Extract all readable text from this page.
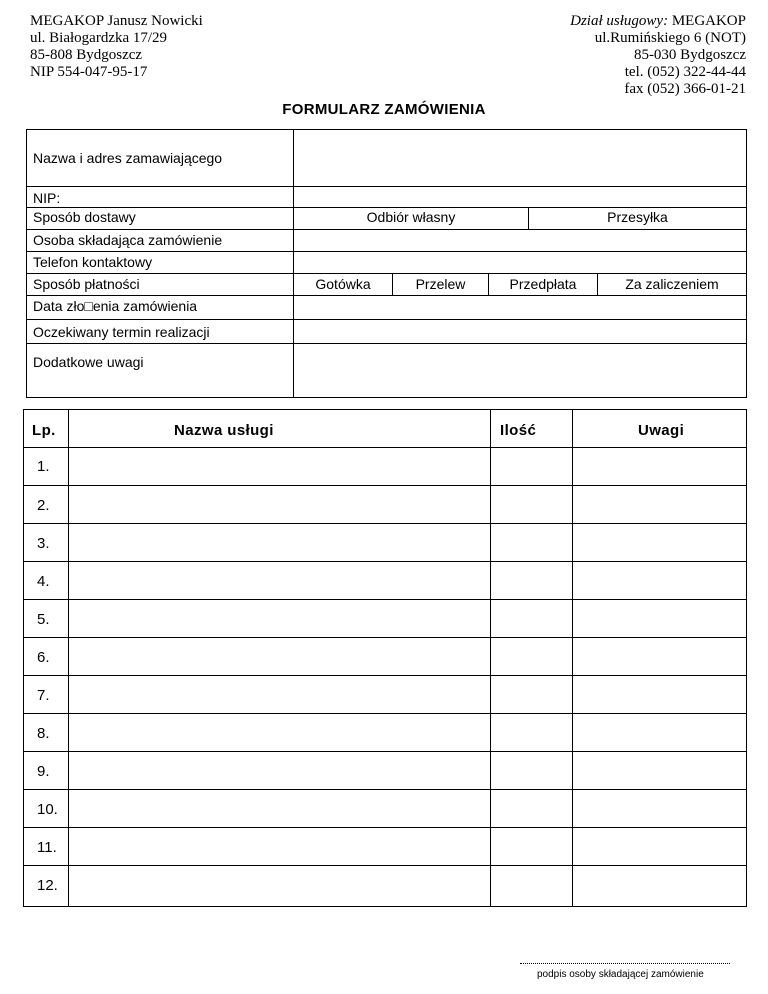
MEGAKOP Janusz Nowicki
ul. Białogardzka 17/29
85-808 Bydgoszcz
NIP 554-047-95-17
Dział usługowy: MEGAKOP
ul.Rumińskiego 6 (NOT)
85-030 Bydgoszcz
tel. (052) 322-44-44
fax (052) 366-01-21
FORMULARZ ZAMÓWIENIA
Nazwa i adres zamawiającego
NIP:
Sposób dostawy	Odbiór własny	Przesyłka
Osoba składająca zamówienie
Telefon kontaktowy
Sposób płatności	Gotówka	Przelew	Przedpłata	Za zaliczeniem
Data zło□enia zamówienia
Oczekiwany termin realizacji
Dodatkowe uwagi
Lp.	Nazwa usługi	Ilość	Uwagi
1.
2.
3.
4.
5.
6.
7.
8.
9.
10.
11.
12.
podpis osoby składającej zamówienie
